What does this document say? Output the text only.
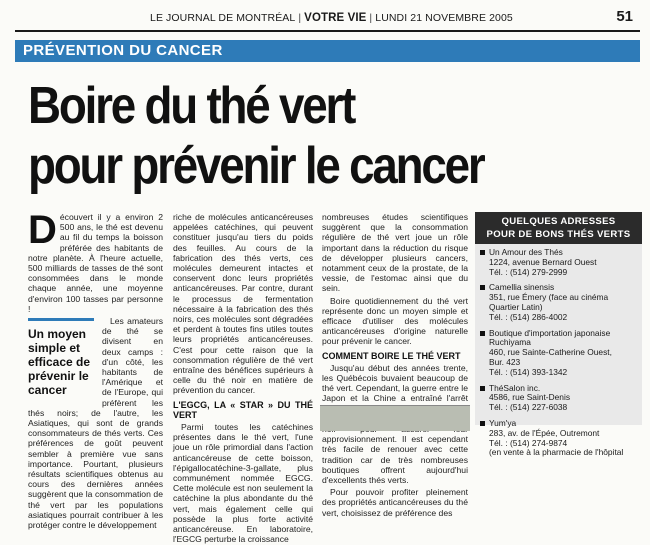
LE JOURNAL DE MONTRÉAL | VOTRE VIE | LUNDI 21 NOVEMBRE 2005	51
PRÉVENTION DU CANCER
Boire du thé vert
pour prévenir le cancer

Découvert il y a environ 2 500 ans, le thé est devenu au fil du temps la boisson préférée des habitants de notre planète. À l'heure actuelle, 500 milliards de tasses de thé sont consommées dans le monde chaque année, une moyenne d'environ 100 tasses par personne !

Un moyen simple et efficace de prévenir le cancer

Les amateurs de thé se divisent en deux camps : d'un côté, les habitants de l'Amérique et de l'Europe, qui préfèrent les thés noirs; de l'autre, les Asiatiques, qui sont de grands consommateurs de thés verts. Ces préférences de goût peuvent sembler à première vue sans importance. Pourtant, plusieurs résultats scientifiques obtenus au cours des dernières années suggèrent que la consommation de thé vert par les populations asiatiques pourrait contribuer à les protéger contre le développement

riche de molécules anticancéreuses appelées catéchines, qui peuvent constituer jusqu'au tiers du poids des feuilles. Au cours de la fabrication des thés verts, ces molécules demeurent intactes et conservent donc leurs propriétés anticancéreuses. Par contre, durant le processus de fermentation nécessaire à la fabrication des thés noirs, ces molécules sont dégradées et perdent à toutes fins utiles toutes leurs propriétés anticancéreuses. C'est pour cette raison que la consommation régulière de thé vert entraîne des bénéfices supérieurs à celle du thé noir en matière de prévention du cancer.

L'EGCG, LA « STAR » DU THÉ VERT

Parmi toutes les catéchines présentes dans le thé vert, l'une joue un rôle primordial dans l'action anticancéreuse de cette boisson, l'épigallocatéchine-3-gallate, plus communément nommée EGCG. Cette molécule est non seulement la catéchine la plus abondante du thé vert, mais également celle qui possède la plus forte activité anticancéreuse. En laboratoire, l'EGCG perturbe la croissance

nombreuses études scientifiques suggèrent que la consommation régulière de thé vert joue un rôle important dans la réduction du risque de développer plusieurs cancers, notamment ceux de la prostate, de la vessie, de l'estomac ainsi que du sein.

Boire quotidiennement du thé vert représente donc un moyen simple et efficace d'utiliser des molécules anticancéreuses d'origine naturelle pour prévenir le cancer.

COMMENT BOIRE LE THÉ VERT

Jusqu'au début des années trente, les Québécois buvaient beaucoup de thé vert. Cependant, la guerre entre le Japon et la Chine a entraîné l'arrêt approvisionnement. Il est cependant très facile de renouer avec cette tradition car de très nombreuses boutiques offrent aujourd'hui d'excellents thés verts.

Pour pouvoir profiter pleinement des propriétés anticancéreuses du thé vert, choisissez de préférence des

QUELQUES ADRESSES
POUR DE BONS THÉS VERTS
Un Amour des Thés
1224, avenue Bernard Ouest
Tél. : (514) 279-2999
Camellia sinensis
351, rue Émery (face au cinéma
Quartier Latin)
Tél. : (514) 286-4002
Boutique d'importation japonaise
Ruchiyama
460, rue Sainte-Catherine Ouest,
Bur. 423
Tél. : (514) 393-1342
ThéSalon inc.
4586, rue Saint-Denis
Tél. : (514) 227-6038
Yum'ya
283, av. de l'Épée, Outremont
Tél. : (514) 274-9874
(en vente à la pharmacie de l'hôpital
